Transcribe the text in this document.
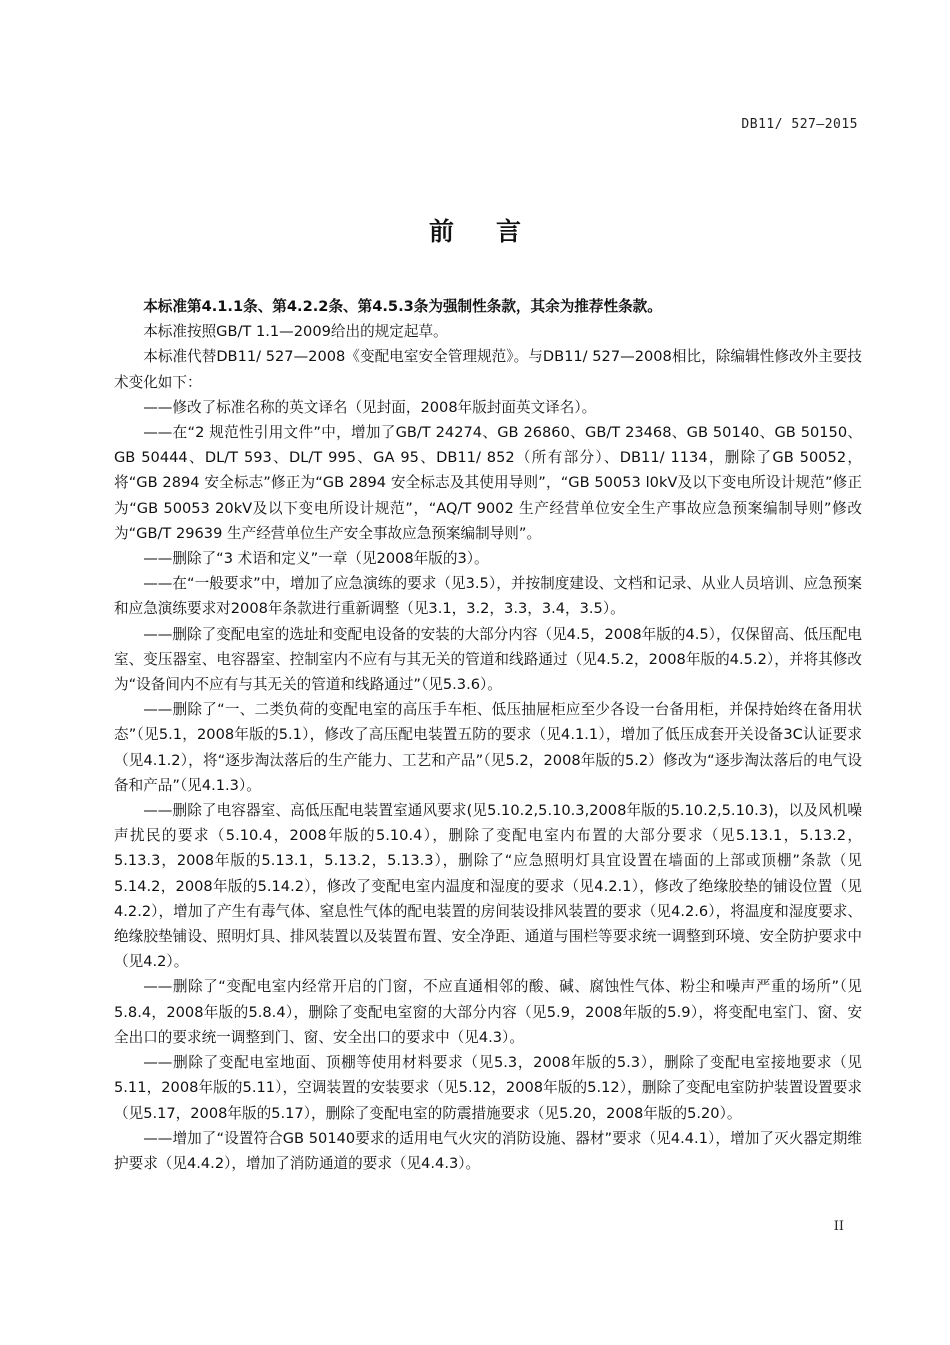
DB11/ 527—2015
前言

本标准第4.1.1条、第4.2.2条、第4.5.3条为强制性条款，其余为推荐性条款。

本标准按照GB/T 1.1—2009给出的规定起草。

本标准代替DB11/ 527—2008《变配电室安全管理规范》。与DB11/ 527—2008相比，除编辑性修改外主要技术变化如下：

——修改了标准名称的英文译名（见封面，2008年版封面英文译名）。

——在“2 规范性引用文件”中，增加了GB/T 24274、GB 26860、GB/T 23468、GB 50140、GB 50150、GB 50444、DL/T 593、DL/T 995、GA 95、DB11/ 852（所有部分）、DB11/ 1134，删除了GB 50052，将“GB 2894 安全标志”修正为“GB 2894 安全标志及其使用导则”，“GB 50053 l0kV及以下变电所设计规范”修正为“GB 50053 20kV及以下变电所设计规范”，“AQ/T 9002 生产经营单位安全生产事故应急预案编制导则”修改为“GB/T 29639 生产经营单位生产安全事故应急预案编制导则”。

——删除了“3 术语和定义”一章（见2008年版的3）。

——在“一般要求”中，增加了应急演练的要求（见3.5），并按制度建设、文档和记录、从业人员培训、应急预案和应急演练要求对2008年条款进行重新调整（见3.1，3.2，3.3，3.4，3.5）。

——删除了变配电室的选址和变配电设备的安装的大部分内容（见4.5，2008年版的4.5），仅保留高、低压配电室、变压器室、电容器室、控制室内不应有与其无关的管道和线路通过（见4.5.2，2008年版的4.5.2），并将其修改为“设备间内不应有与其无关的管道和线路通过”（见5.3.6）。

——删除了“一、二类负荷的变配电室的高压手车柜、低压抽屉柜应至少各设一台备用柜，并保持始终在备用状态”（见5.1，2008年版的5.1），修改了高压配电装置五防的要求（见4.1.1），增加了低压成套开关设备3C认证要求（见4.1.2），将“逐步淘汰落后的生产能力、工艺和产品”（见5.2，2008年版的5.2）修改为“逐步淘汰落后的电气设备和产品”（见4.1.3）。

——删除了电容器室、高低压配电装置室通风要求(见5.10.2,5.10.3,2008年版的5.10.2,5.10.3)，以及风机噪声扰民的要求（5.10.4，2008年版的5.10.4），删除了变配电室内布置的大部分要求（见5.13.1，5.13.2，5.13.3，2008年版的5.13.1，5.13.2，5.13.3），删除了“应急照明灯具宜设置在墙面的上部或顶棚”条款（见5.14.2，2008年版的5.14.2），修改了变配电室内温度和湿度的要求（见4.2.1），修改了绝缘胶垫的铺设位置（见4.2.2），增加了产生有毒气体、窒息性气体的配电装置的房间装设排风装置的要求（见4.2.6），将温度和湿度要求、绝缘胶垫铺设、照明灯具、排风装置以及装置布置、安全净距、通道与围栏等要求统一调整到环境、安全防护要求中（见4.2）。

——删除了“变配电室内经常开启的门窗，不应直通相邻的酸、碱、腐蚀性气体、粉尘和噪声严重的场所”（见5.8.4，2008年版的5.8.4），删除了变配电室窗的大部分内容（见5.9，2008年版的5.9），将变配电室门、窗、安全出口的要求统一调整到门、窗、安全出口的要求中（见4.3）。

——删除了变配电室地面、顶棚等使用材料要求（见5.3，2008年版的5.3），删除了变配电室接地要求（见5.11，2008年版的5.11），空调装置的安装要求（见5.12，2008年版的5.12），删除了变配电室防护装置设置要求（见5.17，2008年版的5.17），删除了变配电室的防震措施要求（见5.20，2008年版的5.20）。

——增加了“设置符合GB 50140要求的适用电气火灾的消防设施、器材”要求（见4.4.1），增加了灭火器定期维护要求（见4.4.2），增加了消防通道的要求（见4.4.3）。

II
